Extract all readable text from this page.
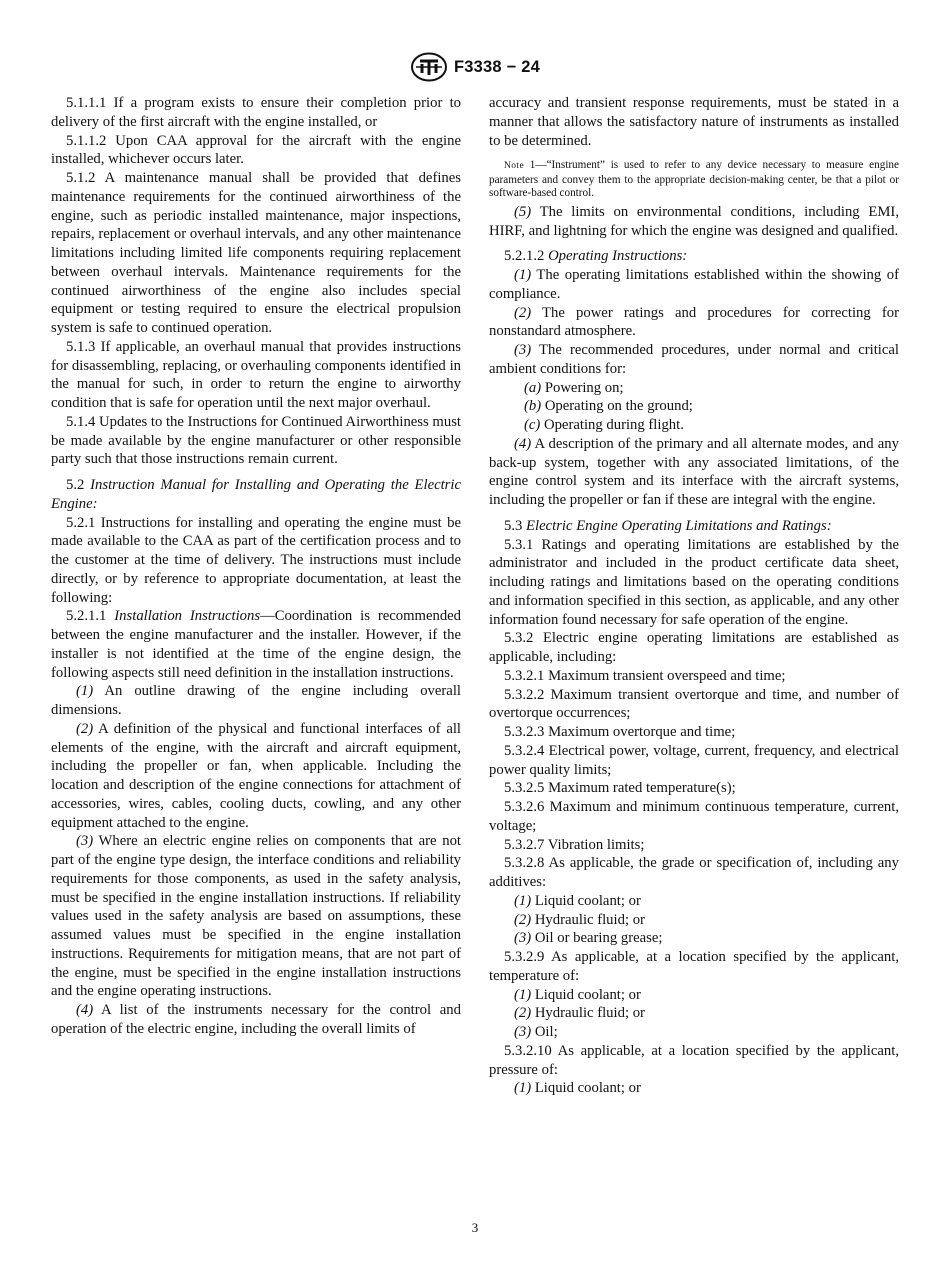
F3338 − 24

5.1.1.1 If a program exists to ensure their completion prior to delivery of the first aircraft with the engine installed, or

5.1.1.2 Upon CAA approval for the aircraft with the engine installed, whichever occurs later.

5.1.2 A maintenance manual shall be provided that defines maintenance requirements for the continued airworthiness of the engine, such as periodic installed maintenance, major inspections, repairs, replacement or overhaul intervals, and any other maintenance limitations including limited life components requiring replacement between overhaul intervals. Maintenance requirements for the continued airworthiness of the engine also includes special equipment or testing required to ensure the electrical propulsion system is safe to continued operation.

5.1.3 If applicable, an overhaul manual that provides instructions for disassembling, replacing, or overhauling components identified in the manual for such, in order to return the engine to airworthy condition that is safe for operation until the next major overhaul.

5.1.4 Updates to the Instructions for Continued Airworthiness must be made available by the engine manufacturer or other responsible party such that those instructions remain current.

5.2 Instruction Manual for Installing and Operating the Electric Engine:

5.2.1 Instructions for installing and operating the engine must be made available to the CAA as part of the certification process and to the customer at the time of delivery. The instructions must include directly, or by reference to appropriate documentation, at least the following:

5.2.1.1 Installation Instructions—Coordination is recommended between the engine manufacturer and the installer. However, if the installer is not identified at the time of the engine design, the following aspects still need definition in the installation instructions.

(1) An outline drawing of the engine including overall dimensions.

(2) A definition of the physical and functional interfaces of all elements of the engine, with the aircraft and aircraft equipment, including the propeller or fan, when applicable. Including the location and description of the engine connections for attachment of accessories, wires, cables, cooling ducts, cowling, and any other equipment attached to the engine.

(3) Where an electric engine relies on components that are not part of the engine type design, the interface conditions and reliability requirements for those components, as used in the safety analysis, must be specified in the engine installation instructions. If reliability values used in the safety analysis are based on assumptions, these assumed values must be specified in the engine installation instructions. Requirements for mitigation means, that are not part of the engine, must be specified in the engine installation instructions and the engine operating instructions.

(4) A list of the instruments necessary for the control and operation of the electric engine, including the overall limits of

accuracy and transient response requirements, must be stated in a manner that allows the satisfactory nature of instruments as installed to be determined.

Note 1—“Instrument” is used to refer to any device necessary to measure engine parameters and convey them to the appropriate decision-making center, be that a pilot or software-based control.

(5) The limits on environmental conditions, including EMI, HIRF, and lightning for which the engine was designed and qualified.

5.2.1.2 Operating Instructions:

(1) The operating limitations established within the showing of compliance.

(2) The power ratings and procedures for correcting for nonstandard atmosphere.

(3) The recommended procedures, under normal and critical ambient conditions for:

(a) Powering on;

(b) Operating on the ground;

(c) Operating during flight.

(4) A description of the primary and all alternate modes, and any back-up system, together with any associated limitations, of the engine control system and its interface with the aircraft systems, including the propeller or fan if these are integral with the engine.

5.3 Electric Engine Operating Limitations and Ratings:

5.3.1 Ratings and operating limitations are established by the administrator and included in the product certificate data sheet, including ratings and limitations based on the operating conditions and information specified in this section, as applicable, and any other information found necessary for safe operation of the engine.

5.3.2 Electric engine operating limitations are established as applicable, including:

5.3.2.1 Maximum transient overspeed and time;

5.3.2.2 Maximum transient overtorque and time, and number of overtorque occurrences;

5.3.2.3 Maximum overtorque and time;

5.3.2.4 Electrical power, voltage, current, frequency, and electrical power quality limits;

5.3.2.5 Maximum rated temperature(s);

5.3.2.6 Maximum and minimum continuous temperature, current, voltage;

5.3.2.7 Vibration limits;

5.3.2.8 As applicable, the grade or specification of, including any additives:

(1) Liquid coolant; or

(2) Hydraulic fluid; or

(3) Oil or bearing grease;

5.3.2.9 As applicable, at a location specified by the applicant, temperature of:

(1) Liquid coolant; or

(2) Hydraulic fluid; or

(3) Oil;

5.3.2.10 As applicable, at a location specified by the applicant, pressure of:

(1) Liquid coolant; or

3
